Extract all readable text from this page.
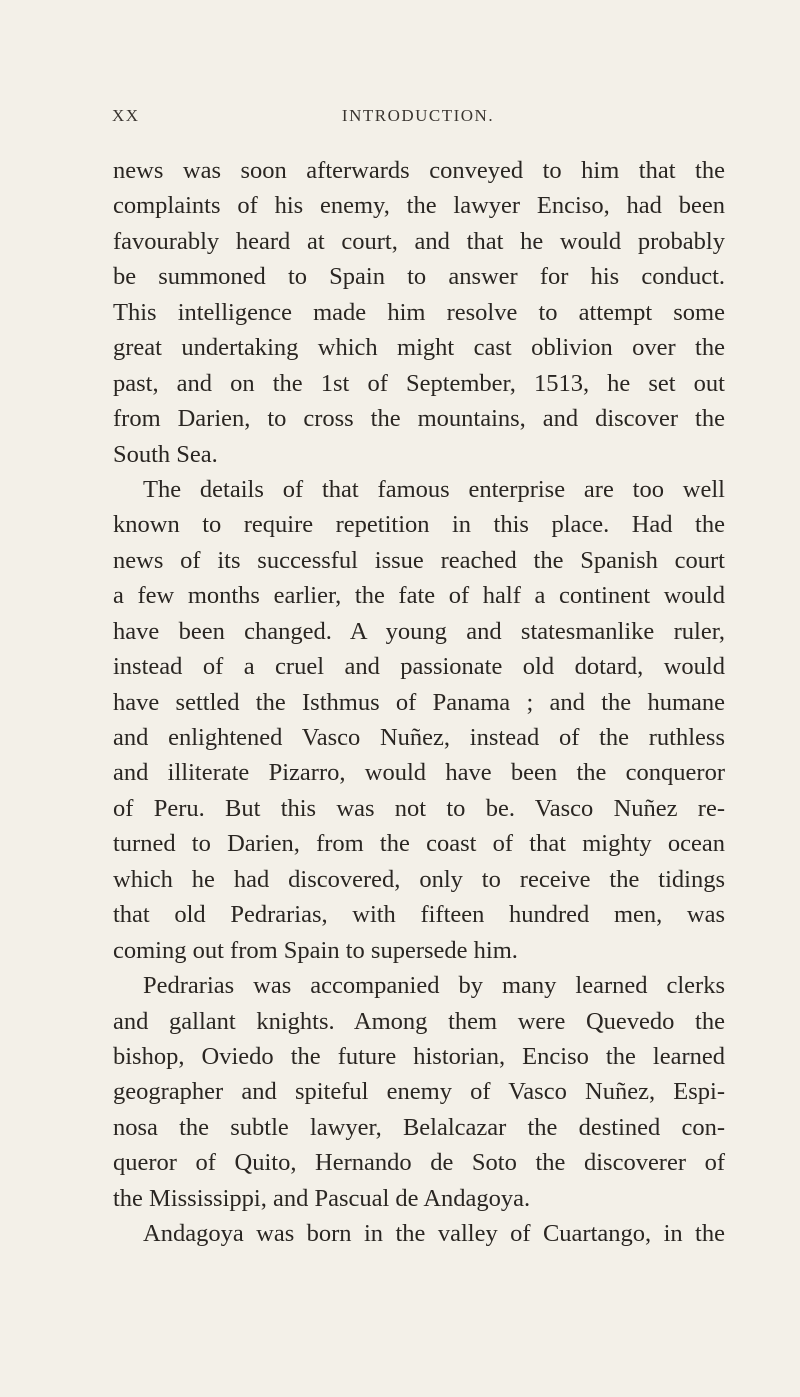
XX	INTRODUCTION.
news was soon afterwards conveyed to him that the
complaints of his enemy, the lawyer Enciso, had been
favourably heard at court, and that he would probably
be summoned to Spain to answer for his conduct.
This intelligence made him resolve to attempt some
great undertaking which might cast oblivion over the
past, and on the 1st of September, 1513, he set out
from Darien, to cross the mountains, and discover the
South Sea.
The details of that famous enterprise are too well
known to require repetition in this place. Had the
news of its successful issue reached the Spanish court
a few months earlier, the fate of half a continent would
have been changed. A young and statesmanlike ruler,
instead of a cruel and passionate old dotard, would
have settled the Isthmus of Panama ; and the humane
and enlightened Vasco Nuñez, instead of the ruthless
and illiterate Pizarro, would have been the conqueror
of Peru. But this was not to be. Vasco Nuñez re-
turned to Darien, from the coast of that mighty ocean
which he had discovered, only to receive the tidings
that old Pedrarias, with fifteen hundred men, was
coming out from Spain to supersede him.
Pedrarias was accompanied by many learned clerks
and gallant knights. Among them were Quevedo the
bishop, Oviedo the future historian, Enciso the learned
geographer and spiteful enemy of Vasco Nuñez, Espi-
nosa the subtle lawyer, Belalcazar the destined con-
queror of Quito, Hernando de Soto the discoverer of
the Mississippi, and Pascual de Andagoya.
Andagoya was born in the valley of Cuartango, in the
